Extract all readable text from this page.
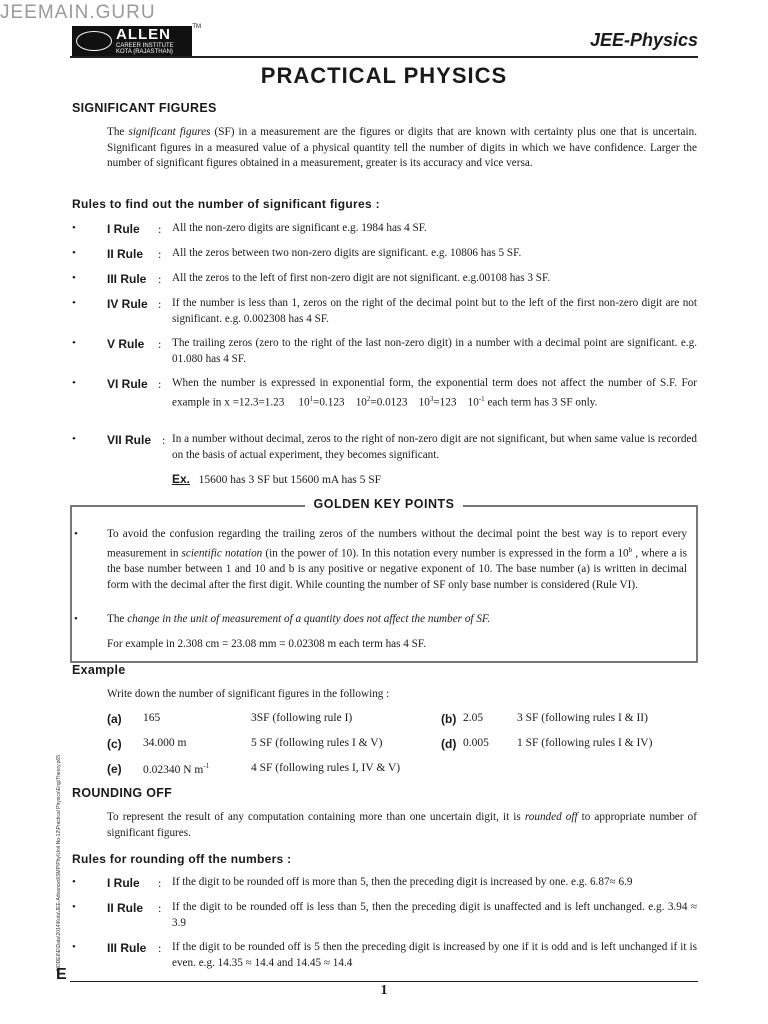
JEEMAIN.GURU
ALLEN
CAREER INSTITUTE
KOTA (RAJASTHAN)
TM
JEE-Physics
PRACTICAL PHYSICS
SIGNIFICANT FIGURES
The significant figures (SF) in a measurement are the figures or digits that are known with certainty plus one that is uncertain. Significant figures in a measured value of a physical quantity tell the number of digits in which we have confidence. Larger the number of significant figures obtained in a measurement, greater is its accuracy and vice versa.
Rules to find out the number of significant figures :
•	I Rule : All the non-zero digits are significant e.g. 1984 has 4 SF.
•	II Rule : All the zeros between two non-zero digits are significant. e.g. 10806 has 5 SF.
•	III Rule : All the zeros to the left of first non-zero digit are not significant. e.g.00108 has 3 SF.
•	IV Rule : If the number is less than 1, zeros on the right of the decimal point but to the left of the first non-zero digit are not significant. e.g. 0.002308 has 4 SF.
•	V Rule : The trailing zeros (zero to the right of the last non-zero digit) in a number with a decimal point are significant. e.g. 01.080 has 4 SF.
•	VI Rule : When the number is expressed in exponential form, the exponential term does not affect the number of S.F. For example in x =12.3=1.23 $10^1=0.123$ $10^2=0.0123$ $10^3=123$ $10^{-1}$ each term has 3 SF only.
•	VII Rule : In a number without decimal, zeros to the right of non-zero digit are not significant, but when same value is recorded on the basis of actual experiment, they becomes significant.
Ex. 15600 has 3 SF but 15600 mA has 5 SF
GOLDEN KEY POINTS
•	To avoid the confusion regarding the trailing zeros of the numbers without the decimal point the best way is to report every measurement in scientific notation (in the power of 10). In this notation every number is expressed in the form a 10$^b$ , where a is the base number between 1 and 10 and b is any positive or negative exponent of 10. The base number (a) is written in decimal form with the decimal after the first digit. While counting the number of SF only base number is considered (Rule VI).
•	The change in the unit of measurement of a quantity does not affect the number of SF.
For example in 2.308 cm = 23.08 mm = 0.02308 m each term has 4 SF.
Example
Write down the number of significant figures in the following :
(a) 165	3SF (following rule I)	(b) 2.05	3 SF (following rules I & II)
(c) 34.000 m	5 SF (following rules I & V)	(d) 0.005 1 SF (following rules I & IV)
(e) 0.02340 N $m^{-1}$	4 SF (following rules I, IV & V)
ROUNDING OFF
To represent the result of any computation containing more than one uncertain digit, it is rounded off to appropriate number of significant figures.
Rules for rounding off the numbers :
•	I Rule : If the digit to be rounded off is more than 5, then the preceding digit is increased by one. e.g. 6.87≈ 6.9
•	II Rule : If the digit to be rounded off is less than 5, then the preceding digit is unaffected and is left unchanged. e.g. 3.94 ≈ 3.9
•	III Rule : If the digit to be rounded off is 5 then the preceding digit is increased by one if it is odd and is left unchanged if it is even. e.g. 14.35 ≈ 14.4 and 14.45 ≈ 14.4
NODE6\E\Data\2014\Kota\JEE-Advanced\SMP\Phy\Unit No-12\Practical Physics\Eng\Theory.p65
E
1
